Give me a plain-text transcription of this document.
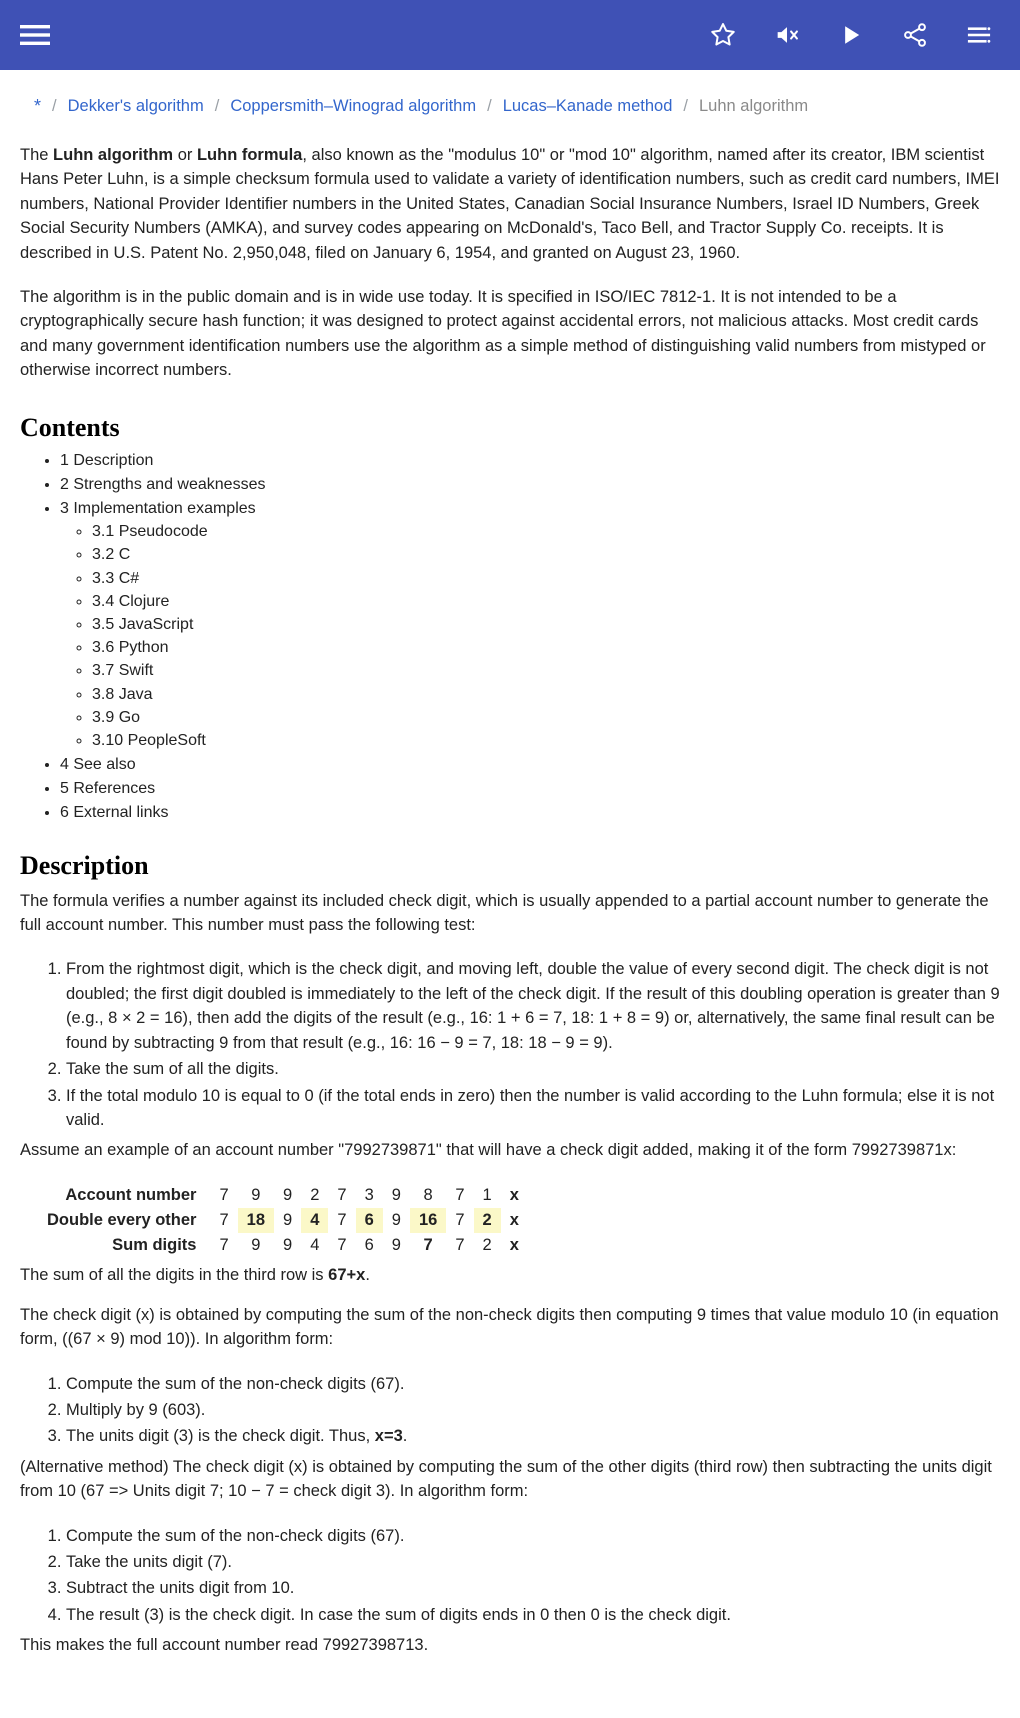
* / Dekker's algorithm / Coppersmith–Winograd algorithm / Lucas–Kanade method / Luhn algorithm

The Luhn algorithm or Luhn formula, also known as the "modulus 10" or "mod 10" algorithm, named after its creator, IBM scientist Hans Peter Luhn, is a simple checksum formula used to validate a variety of identification numbers, such as credit card numbers, IMEI numbers, National Provider Identifier numbers in the United States, Canadian Social Insurance Numbers, Israel ID Numbers, Greek Social Security Numbers (AMKA), and survey codes appearing on McDonald's, Taco Bell, and Tractor Supply Co. receipts. It is described in U.S. Patent No. 2,950,048, filed on January 6, 1954, and granted on August 23, 1960.

The algorithm is in the public domain and is in wide use today. It is specified in ISO/IEC 7812-1. It is not intended to be a cryptographically secure hash function; it was designed to protect against accidental errors, not malicious attacks. Most credit cards and many government identification numbers use the algorithm as a simple method of distinguishing valid numbers from mistyped or otherwise incorrect numbers.

Contents
• 1 Description
• 2 Strengths and weaknesses
• 3 Implementation examples
◦ 3.1 Pseudocode
◦ 3.2 C
◦ 3.3 C#
◦ 3.4 Clojure
◦ 3.5 JavaScript
◦ 3.6 Python
◦ 3.7 Swift
◦ 3.8 Java
◦ 3.9 Go
◦ 3.10 PeopleSoft
• 4 See also
• 5 References
• 6 External links
Description

The formula verifies a number against its included check digit, which is usually appended to a partial account number to generate the full account number. This number must pass the following test:

1. From the rightmost digit, which is the check digit, and moving left, double the value of every second digit. The check digit is not doubled; the first digit doubled is immediately to the left of the check digit. If the result of this doubling operation is greater than 9 (e.g., 8 × 2 = 16), then add the digits of the result (e.g., 16: 1 + 6 = 7, 18: 1 + 8 = 9) or, alternatively, the same final result can be found by subtracting 9 from that result (e.g., 16: 16 − 9 = 7, 18: 18 − 9 = 9).
2. Take the sum of all the digits.
3. If the total modulo 10 is equal to 0 (if the total ends in zero) then the number is valid according to the Luhn formula; else it is not valid.

Assume an example of an account number "7992739871" that will have a check digit added, making it of the form 7992739871x:

Account number	7	9	9	2	7	3	9	8	7	1	x
Double every other	7	18	9	4	7	6	9	16	7	2	x
Sum digits	7	9	9	4	7	6	9	7	7	2	x
The sum of all the digits in the third row is 67+x.

The check digit (x) is obtained by computing the sum of the non-check digits then computing 9 times that value modulo 10 (in equation form, ((67 × 9) mod 10)). In algorithm form:

1. Compute the sum of the non-check digits (67).
2. Multiply by 9 (603).
3. The units digit (3) is the check digit. Thus, x=3.

(Alternative method) The check digit (x) is obtained by computing the sum of the other digits (third row) then subtracting the units digit from 10 (67 => Units digit 7; 10 − 7 = check digit 3). In algorithm form:

1. Compute the sum of the non-check digits (67).
2. Take the units digit (7).
3. Subtract the units digit from 10.
4. The result (3) is the check digit. In case the sum of digits ends in 0 then 0 is the check digit.

This makes the full account number read 79927398713.
